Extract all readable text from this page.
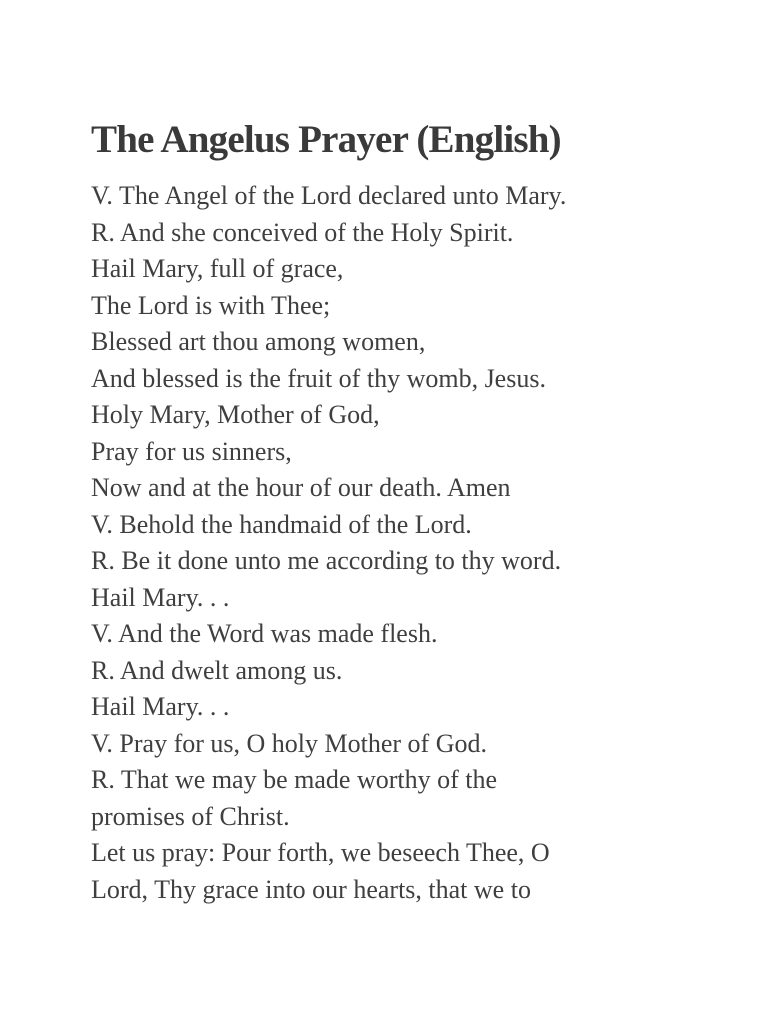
The Angelus Prayer (English)
V. The Angel of the Lord declared unto Mary.
R. And she conceived of the Holy Spirit.
Hail Mary, full of grace,
The Lord is with Thee;
Blessed art thou among women,
And blessed is the fruit of thy womb, Jesus.
Holy Mary, Mother of God,
Pray for us sinners,
Now and at the hour of our death. Amen
V. Behold the handmaid of the Lord.
R. Be it done unto me according to thy word.
Hail Mary. . .
V. And the Word was made flesh.
R. And dwelt among us.
Hail Mary. . .
V. Pray for us, O holy Mother of God.
R. That we may be made worthy of the
promises of Christ.
Let us pray: Pour forth, we beseech Thee, O
Lord, Thy grace into our hearts, that we to
